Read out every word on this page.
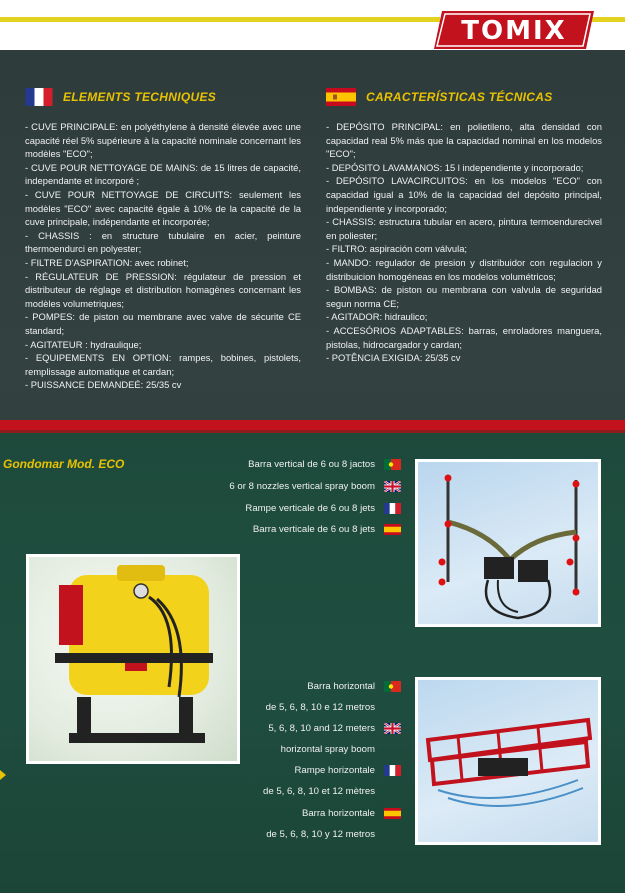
TOMIX
ELEMENTS TECHNIQUES

- CUVE PRINCIPALE: en polyéthylene à densité élevée avec une capacité réel 5% supérieure à la capacité nominale concernant les modèles "ECO";

- CUVE POUR NETTOYAGE DE MAINS: de 15 litres de capacité, independante et incorporé ;

- CUVE POUR NETTOYAGE DE CIRCUITS: seulement les modèles "ECO" avec capacité égale à 10% de la capacité de la cuve principale, indépendante et incorporée;

- CHASSIS : en structure tubulaire en acier, peinture thermoendurci en polyester;

- FILTRE D'ASPIRATION: avec robinet;

- RÉGULATEUR DE PRESSION: régulateur de pression et distributeur de réglage et distribution homagènes concernant les modèles volumetriques;

- POMPES: de piston ou membrane avec valve de sécurite CE standard;

- AGITATEUR : hydraulique;

- EQUIPEMENTS EN OPTION: rampes, bobines, pistolets, remplissage automatique et cardan;

- PUISSANCE DEMANDEÉ: 25/35 cv

CARACTERÍSTICAS TÉCNICAS

- DEPÓSITO PRINCIPAL: en polietileno, alta densidad con capacidad real 5% más que la capacidad nominal en los modelos "ECO";

- DEPÓSITO LAVAMANOS: 15 l independiente y incorporado;

- DEPÓSITO LAVACIRCUITOS: en los modelos "ECO" con capacidad igual a 10% de la capacidad del depósito principal, independiente y incorporado;

- CHASSIS: estructura tubular en acero, pintura termoendurecivel en poliester;

- FILTRO: aspiración com válvula;

- MANDO: regulador de presion y distribuidor con regulacion y distribuicion homogéneas en los modelos volumétricos;

- BOMBAS: de piston ou membrana con valvula de seguridad segun norma CE;

- AGITADOR: hidraulico;

- ACCESÓRIOS ADAPTABLES: barras, enroladores manguera, pistolas, hidrocargador y cardan;

- POTÊNCIA EXIGIDA: 25/35 cv

Gondomar Mod. ECO	Barra vertical de 6 ou 8 jactos
6 or 8 nozzles vertical spray boom
Rampe verticale de 6 ou 8 jets
Barra verticale de 6 ou 8 jets
Barra horizontal
de 5, 6, 8, 10 e 12 metros
5, 6, 8, 10 and 12 meters
horizontal spray boom
Rampe horizontale
de 5, 6, 8, 10 et 12 mètres
Barra horizontale
de 5, 6, 8, 10 y 12 metros
